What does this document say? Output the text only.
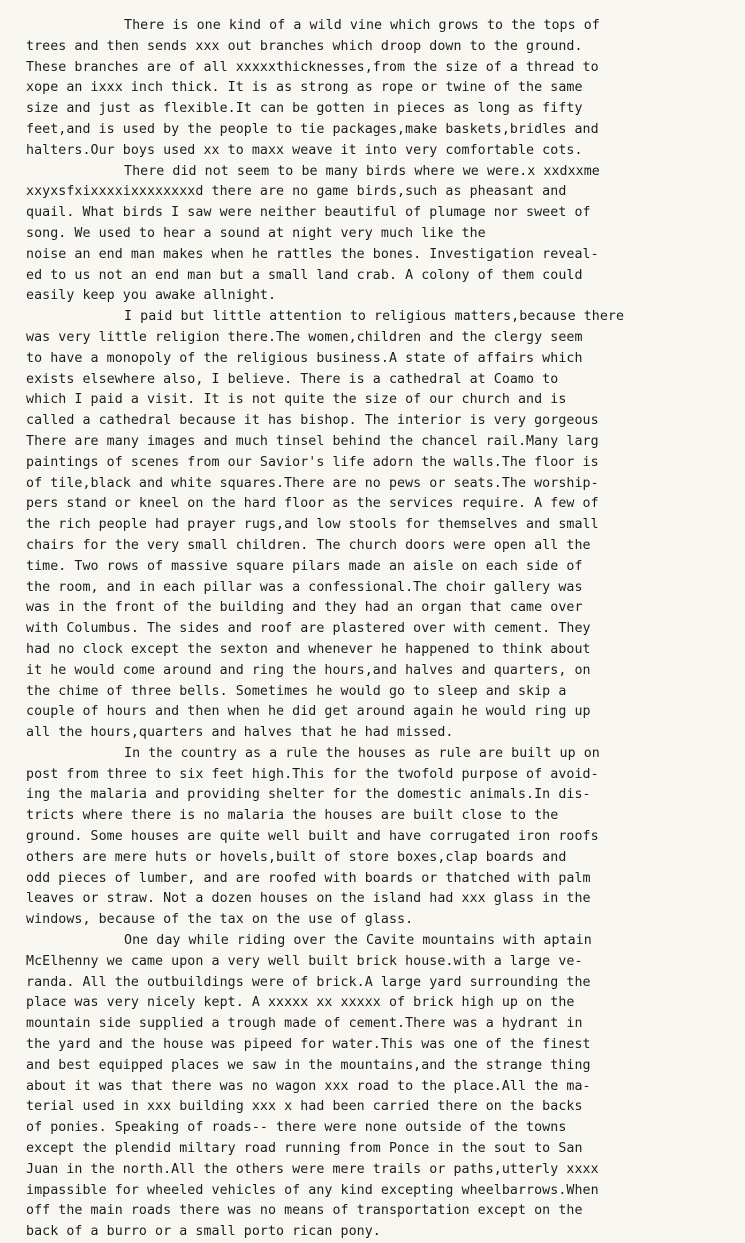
There is one kind of a wild vine which grows to the tops of
trees and then sends xxx out branches which droop down to the ground.
These branches are of all xxxxxthicknesses,from the size of a thread to
xope an ixxx inch thick. It is as strong as rope or twine of the same
size and just as flexible.It can be gotten in pieces as long as fifty
feet,and is used by the people to tie packages,make baskets,bridles and
halters.Our boys used xx to maxx weave it into very comfortable cots.
There did not seem to be many birds where we were.x xxdxxme
xxyxsfxixxxxixxxxxxxxd there are no game birds,such as pheasant and
quail. What birds I saw were neither beautiful of plumage nor sweet of
song. We used to hear a sound at night very much like the
noise an end man makes when he rattles the bones. Investigation reveal-
ed to us not an end man but a small land crab. A colony of them could
easily keep you awake allnight.
I paid but little attention to religious matters,because there
was very little religion there.The women,children and the clergy seem
to have a monopoly of the religious business.A state of affairs which
exists elsewhere also, I believe. There is a cathedral at Coamo to
which I paid a visit. It is not quite the size of our church and is
called a cathedral because it has bishop. The interior is very gorgeous
There are many images and much tinsel behind the chancel rail.Many larg
paintings of scenes from our Savior's life adorn the walls.The floor is
of tile,black and white squares.There are no pews or seats.The worship-
pers stand or kneel on the hard floor as the services require. A few of
the rich people had prayer rugs,and low stools for themselves and small
chairs for the very small children. The church doors were open all the
time. Two rows of massive square pilars made an aisle on each side of
the room, and in each pillar was a confessional.The choir gallery was
was in the front of the building and they had an organ that came over
with Columbus. The sides and roof are plastered over with cement. They
had no clock except the sexton and whenever he happened to think about
it he would come around and ring the hours,and halves and quarters, on
the chime of three bells. Sometimes he would go to sleep and skip a
couple of hours and then when he did get around again he would ring up
all the hours,quarters and halves that he had missed.
In the country as a rule the houses as rule are built up on
post from three to six feet high.This for the twofold purpose of avoid-
ing the malaria and providing shelter for the domestic animals.In dis-
tricts where there is no malaria the houses are built close to the
ground. Some houses are quite well built and have corrugated iron roofs
others are mere huts or hovels,built of store boxes,clap boards and
odd pieces of lumber, and are roofed with boards or thatched with palm
leaves or straw. Not a dozen houses on the island had xxx glass in the
windows, because of the tax on the use of glass.
One day while riding over the Cavite mountains with aptain
McElhenny we came upon a very well built brick house.with a large ve-
randa. All the outbuildings were of brick.A large yard surrounding the
place was very nicely kept. A xxxxx xx xxxxx of brick high up on the
mountain side supplied a trough made of cement.There was a hydrant in
the yard and the house was pipeed for water.This was one of the finest
and best equipped places we saw in the mountains,and the strange thing
about it was that there was no wagon xxx road to the place.All the ma-
terial used in xxx building xxx x had been carried there on the backs
of ponies. Speaking of roads-- there were none outside of the towns
except the plendid miltary road running from Ponce in the sout to San
Juan in the north.All the others were mere trails or paths,utterly xxxx
impassible for wheeled vehicles of any kind excepting wheelbarrows.When
off the main roads there was no means of transportation except on the
back of a burro or a small porto rican pony.
